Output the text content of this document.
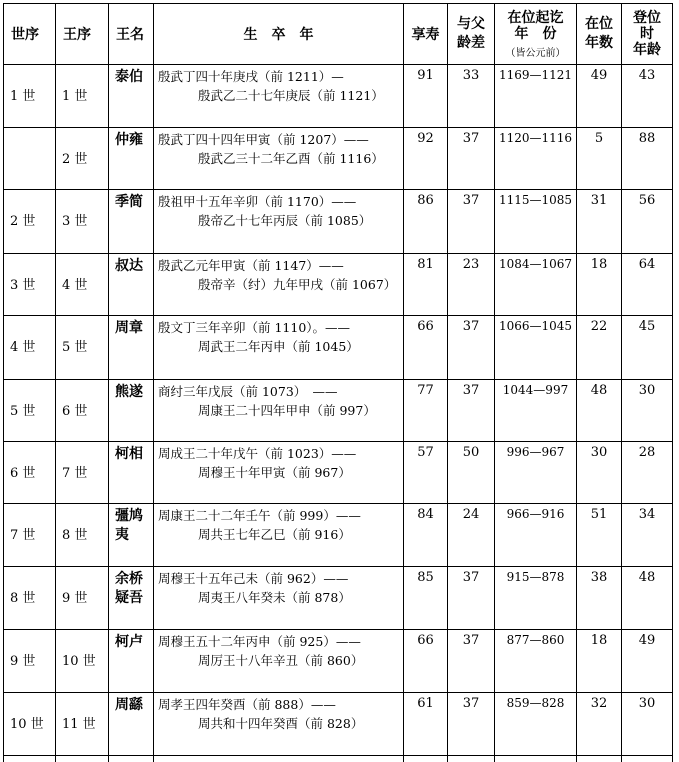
世序	王序	王名	生　卒　年	享寿	与父
龄差	在位起讫
年　份
（皆公元前）	在位
年数	登位
时
年龄

1 世	1 世	泰伯	殷武丁四十年庚戌（前 1211）—
殷武乙二十七年庚辰（前 1121）	91	33	1169—1121	49	43
	2 世	仲雍	殷武丁四十四年甲寅（前 1207）——
殷武乙三十二年乙酉（前 1116）	92	37	1120—1116	5	88
2 世	3 世	季简	殷祖甲十五年辛卯（前 1170）——
殷帝乙十七年丙辰（前 1085）	86	37	1115—1085	31	56
3 世	4 世	叔达	殷武乙元年甲寅（前 1147）——
殷帝辛（纣）九年甲戌（前 1067）	81	23	1084—1067	18	64
4 世	5 世	周章	殷文丁三年辛卯（前 1110）。——
周武王二年丙申（前 1045）	66	37	1066—1045	22	45
5 世	6 世	熊遂	商纣三年戊辰（前 1073）　——
周康王二十四年甲申（前 997）	77	37	1044—997	48	30
6 世	7 世	柯相	周成王二十年戊午（前 1023）——
周穆王十年甲寅（前 967）	57	50	996—967	30	28
7 世	8 世	彊鸠夷	周康王二十二年壬午（前 999）——
周共王七年乙巳（前 916）	84	24	966—916	51	34
8 世	9 世	余桥疑吾	周穆王十五年己未（前 962）——
周夷王八年癸未（前 878）	85	37	915—878	38	48
9 世	10 世	柯卢	周穆王五十二年丙申（前 925）——
周厉王十八年辛丑（前 860）	66	37	877—860	18	49
10 世	11 世	周繇	周孝王四年癸酉（前 888）——
周共和十四年癸酉（前 828）	61	37	859—828	32	30
